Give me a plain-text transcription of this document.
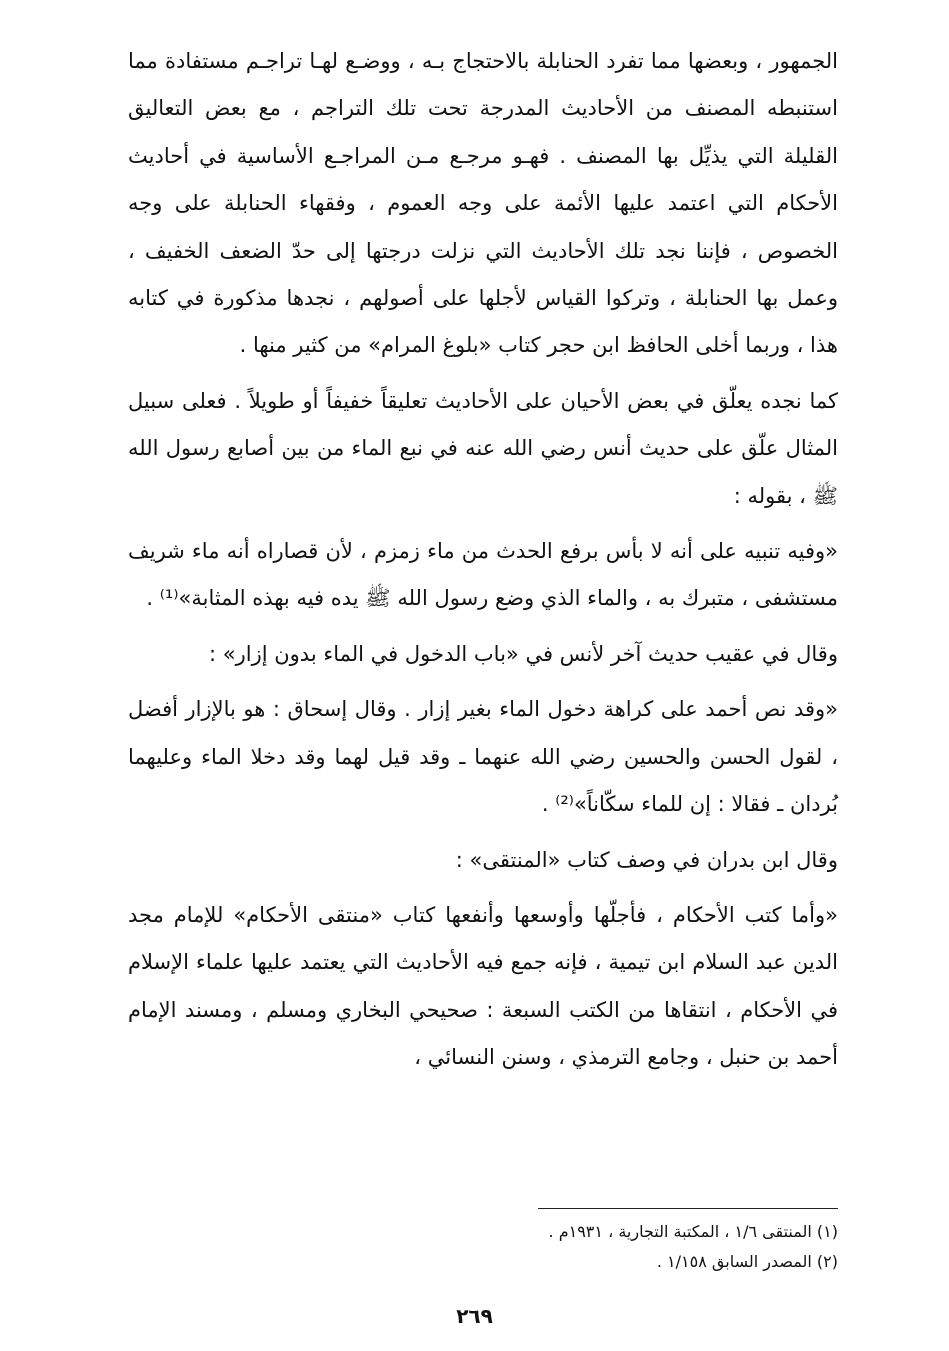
الجمهور ، وبعضها مما تفرد الحنابلة بالاحتجاج بـه ، ووضـع لهـا تراجـم مستفادة مما استنبطه المصنف من الأحاديث المدرجة تحت تلك التراجم ، مع بعض التعاليق القليلة التي يذيِّل بها المصنف . فهـو مرجـع مـن المراجـع الأساسية في أحاديث الأحكام التي اعتمد عليها الأئمة على وجه العموم ، وفقهاء الحنابلة على وجه الخصوص ، فإننا نجد تلك الأحاديث التي نزلت درجتها إلى حدّ الضعف الخفيف ، وعمل بها الحنابلة ، وتركوا القياس لأجلها على أصولهم ، نجدها مذكورة في كتابه هذا ، وربما أخلى الحافظ ابن حجر كتاب «بلوغ المرام» من كثير منها .

كما نجده يعلّق في بعض الأحيان على الأحاديث تعليقاً خفيفاً أو طويلاً . فعلى سبيل المثال علّق على حديث أنس رضي الله عنه في نبع الماء من بين أصابع رسول الله ﷺ ، بقوله :

«وفيه تنبيه على أنه لا بأس برفع الحدث من ماء زمزم ، لأن قصاراه أنه ماء شريف مستشفى ، متبرك به ، والماء الذي وضع رسول الله ﷺ يده فيه بهذه المثابة»⁽¹⁾ .

وقال في عقيب حديث آخر لأنس في «باب الدخول في الماء بدون إزار» :

«وقد نص أحمد على كراهة دخول الماء بغير إزار . وقال إسحاق : هو بالإزار أفضل ، لقول الحسن والحسين رضي الله عنهما ـ وقد قيل لهما وقد دخلا الماء وعليهما بُردان ـ فقالا : إن للماء سكّاناً»⁽²⁾ .

وقال ابن بدران في وصف كتاب «المنتقى» :

«وأما كتب الأحكام ، فأجلّها وأوسعها وأنفعها كتاب «منتقى الأحكام» للإمام مجد الدين عبد السلام ابن تيمية ، فإنه جمع فيه الأحاديث التي يعتمد عليها علماء الإسلام في الأحكام ، انتقاها من الكتب السبعة : صحيحي البخاري ومسلم ، ومسند الإمام أحمد بن حنبل ، وجامع الترمذي ، وسنن النسائي ،

(١) المنتقى ١/٦ ، المكتبة التجارية ، ١٩٣١م .

(٢) المصدر السابق ١/١٥٨ .

٢٦٩
